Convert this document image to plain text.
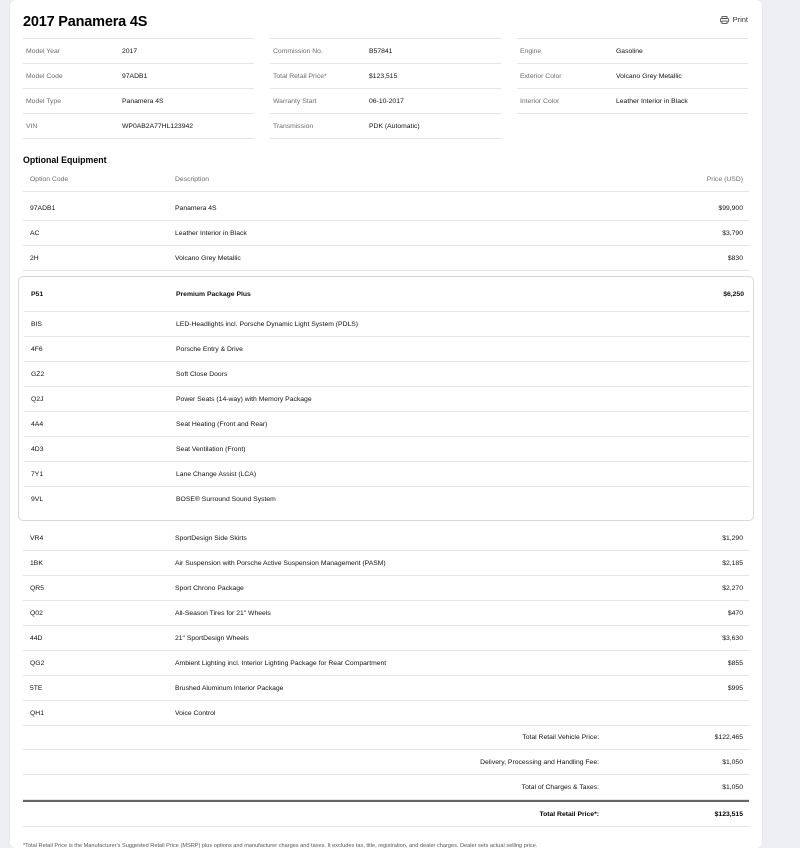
2017 Panamera 4S	Print
Model Year	2017
Model Code	97ADB1
Model Type	Panamera 4S
VIN	WP0AB2A77HL123942
Commission No.	B57841
Total Retail Price*	$123,515
Warranty Start	06-10-2017
Transmission	PDK (Automatic)
Engine	Gasoline
Exterior Color	Volcano Grey Metallic
Interior Color	Leather Interior in Black
Optional Equipment
Option Code	Description	Price (USD)
97ADB1	Panamera 4S	$99,900
AC	Leather Interior in Black	$3,790
2H	Volcano Grey Metallic	$830
P51	Premium Package Plus	$6,250
BIS	LED-Headlights incl. Porsche Dynamic Light System (PDLS)
4F6	Porsche Entry & Drive
GZ2	Soft Close Doors
Q2J	Power Seats (14-way) with Memory Package
4A4	Seat Heating (Front and Rear)
4D3	Seat Ventilation (Front)
7Y1	Lane Change Assist (LCA)
9VL	BOSE® Surround Sound System
VR4	SportDesign Side Skirts	$1,290
1BK	Air Suspension with Porsche Active Suspension Management (PASM)	$2,185
QR5	Sport Chrono Package	$2,270
Q02	All-Season Tires for 21" Wheels	$470
44D	21" SportDesign Wheels	$3,630
QG2	Ambient Lighting incl. Interior Lighting Package for Rear Compartment	$855
5TE	Brushed Aluminum Interior Package	$995
QH1	Voice Control
Total Retail Vehicle Price:	$122,465
Delivery, Processing and Handling Fee:	$1,050
Total of Charges & Taxes:	$1,050
Total Retail Price*:	$123,515
*Total Retail Price is the Manufacturer's Suggested Retail Price (MSRP) plus options and manufacturer charges and taxes. It excludes tax, title, registration, and dealer charges. Dealer sets actual selling price.
